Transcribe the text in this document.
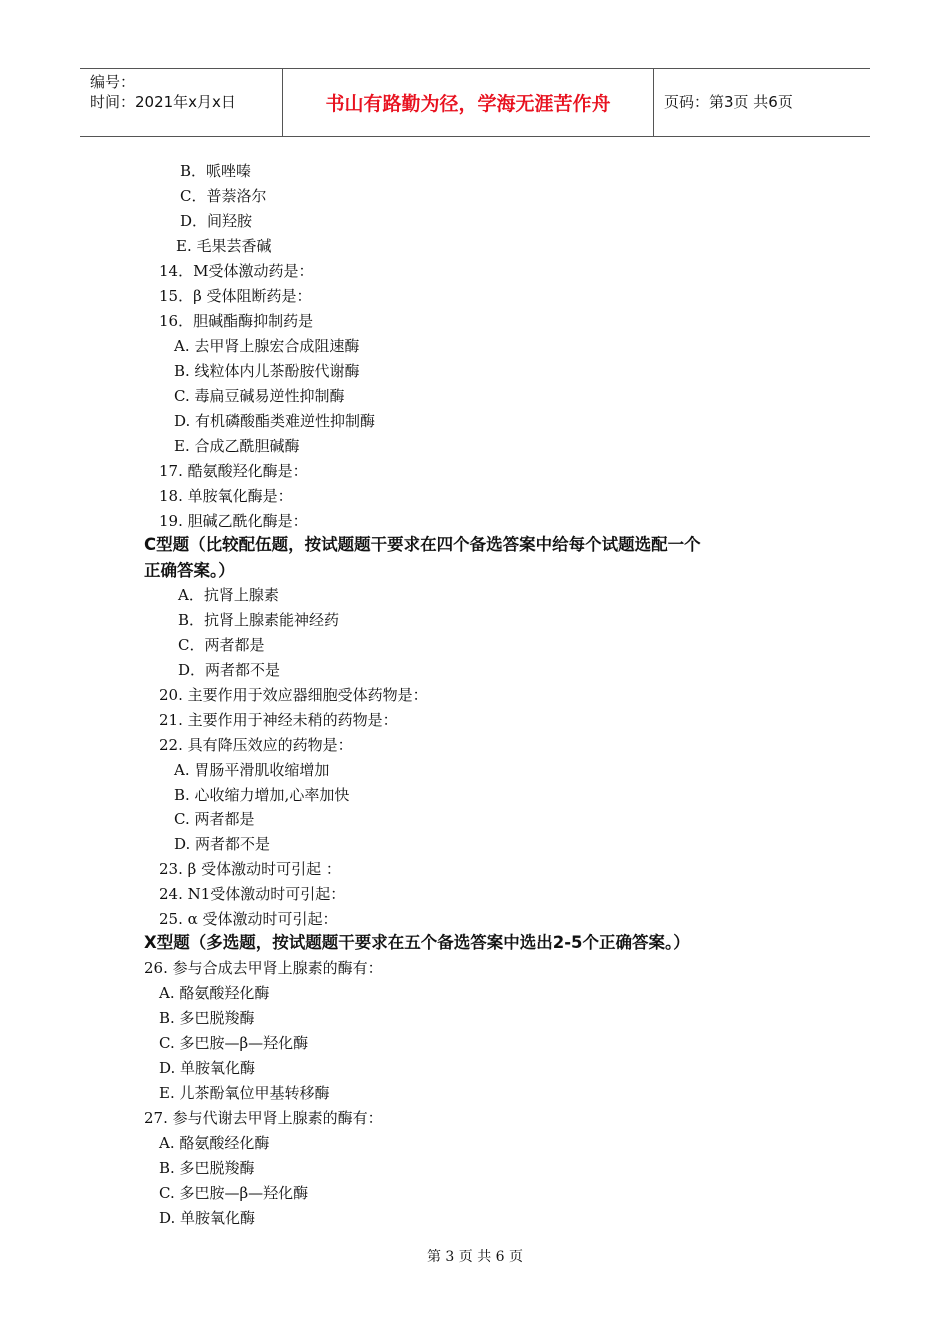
编号：
时间：2021年x月x日	书山有路勤为径，学海无涯苦作舟	页码：第3页 共6页
B．哌唑嗪
C．普萘洛尔
D．间羟胺
E. 毛果芸香碱
14．M受体激动药是：
15．β 受体阻断药是：
16．胆碱酯酶抑制药是
A. 去甲肾上腺宏合成阻速酶
B. 线粒体内儿茶酚胺代谢酶
C. 毒扁豆碱易逆性抑制酶
D. 有机磷酸酯类难逆性抑制酶
E. 合成乙酰胆碱酶
17. 酷氨酸羟化酶是：
18. 单胺氧化酶是：
19. 胆碱乙酰化酶是：
C型题（比较配伍题，按试题题干要求在四个备选答案中给每个试题选配一个
正确答案。）
A．抗肾上腺素
B．抗肾上腺素能神经药
C．两者都是
D．两者都不是
20. 主要作用于效应器细胞受体药物是：
21. 主要作用于神经未稍的药物是：
22. 具有降压效应的药物是：
A. 胃肠平滑肌收缩增加
B. 心收缩力增加,心率加快
C. 两者都是
D. 两者都不是
23. β 受体激动时可引起 ：
24. N1受体激动时可引起：
25. α 受体激动时可引起：
X型题（多选题，按试题题干要求在五个备选答案中选出2-5个正确答案。）
26. 参与合成去甲肾上腺素的酶有：
A. 酪氨酸羟化酶
B. 多巴脱羧酶
C. 多巴胺—β—羟化酶
D. 单胺氧化酶
E. 儿茶酚氧位甲基转移酶
27. 参与代谢去甲肾上腺素的酶有：
A. 酪氨酸经化酶
B. 多巴脱羧酶
C. 多巴胺—β—羟化酶
D. 单胺氧化酶
第 3 页 共 6 页
